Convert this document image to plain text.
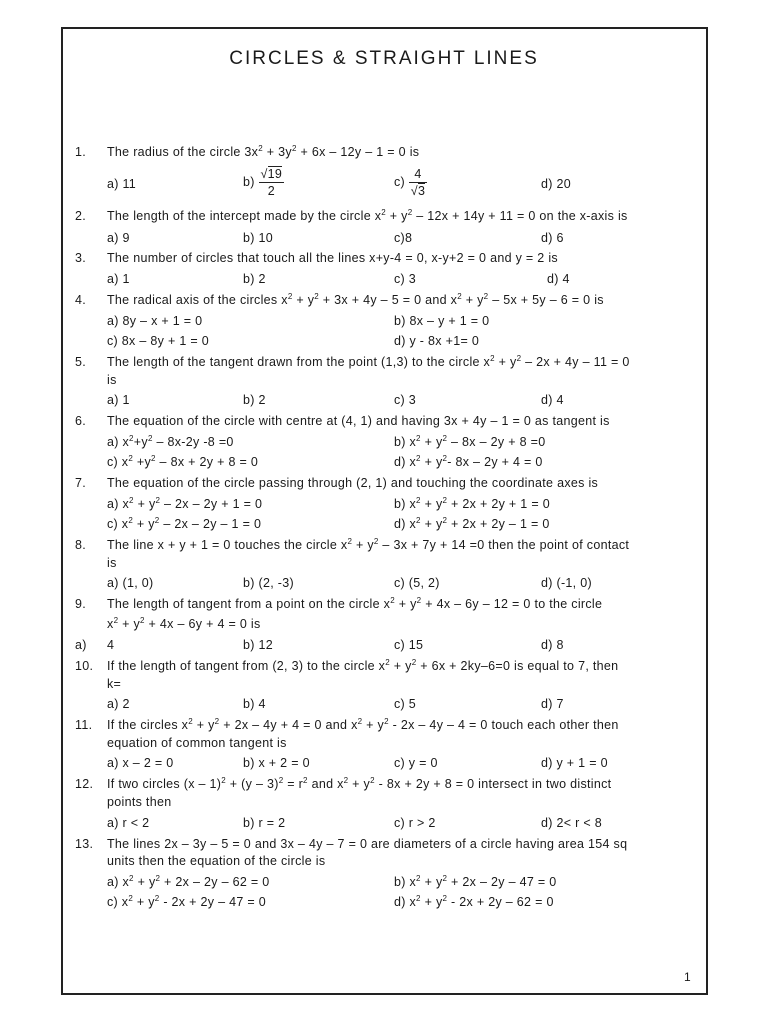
CIRCLES & STRAIGHT LINES
1. The radius of the circle $3x^2 + 3y^2 + 6x - 12y - 1 = 0$ is
a) 11	$b) \frac{√19}{2}$	$c) \frac{4}{√3}$	d) 20
2. The length of the intercept made by the circle $x^2 + y^2 - 12x + 14y + 11 = 0$ on the x-axis is
a) 9	b) 10	c)8	d) 6
3. The number of circles that touch all the lines x+y-4 = 0, x-y+2 = 0 and y = 2 is
a) 1	b) 2	c) 3	d) 4
4. The radical axis of the circles $x^2 + y^2 + 3x + 4y - 5 = 0$ and $x^2 + y^2 - 5x + 5y - 6 = 0$ is
a) 8y – x + 1 = 0	b) 8x – y + 1 = 0
c) 8x – 8y + 1 = 0	d) y - 8x +1= 0
5. The length of the tangent drawn from the point (1,3) to the circle $x^2 + y^2 - 2x + 4y - 11 = 0$
is
a) 1	b) 2	c) 3	d) 4
6. The equation of the circle with centre at (4, 1) and having 3x + 4y – 1 = 0 as tangent is
a) $x^2+y^2 - 8x-2y$ -8 =0	b) $x^2 + y^2 - 8x - 2y + 8 =0$
c) $x^2 +y^2 - 8x + 2y + 8 = 0$	d) $x^2 + y^2-$ 8x – 2y + 4 = 0
7. The equation of the circle passing through (2, 1) and touching the coordinate axes is
a) $x^2 + y^2 - 2x - 2y + 1 = 0$	b) $x^2 + y^2 + 2x + 2y + 1 = 0$
c) $x^2 + y^2 - 2x - 2y - 1 = 0$	d) $x^2 + y^2 + 2x + 2y - 1 = 0$
8. The line x + y + 1 = 0 touches the circle $x^2 + y^2 - 3x + 7y + 14 =0$ then the point of contact
is
a) (1, 0)	b) (2, -3)	c) (5, 2)	d) (-1, 0)
9. The length of tangent from a point on the circle $x^2 + y^2 + 4x - 6y - 12 = 0$ to the circle
$x^2 + y^2 + 4x - 6y + 4 = 0$ is
a) 4	b) 12	c) 15	d) 8
10. If the length of tangent from (2, 3) to the circle $x^2 + y^2 + 6x + 2ky-6=0$ is equal to 7, then
k=
a) 2	b) 4	c) 5	d) 7
11. If the circles $x^2 + y^2 + 2x - 4y + 4 = 0$ and $x^2 + y^2 - 2x - 4y - 4 = 0$ touch each other then
equation of common tangent is
a) x – 2 = 0	b) x + 2 = 0	c) y = 0	d) y + 1 = 0
12. If two circles $(x - 1)^2 + (y - 3)^2 = r^2$ and $x^2 + y^2 - 8x + 2y + 8 = 0$ intersect in two distinct
points then
a) r < 2	b) r = 2	c) r > 2	d) 2< r < 8
13. The lines 2x – 3y – 5 = 0 and 3x – 4y – 7 = 0 are diameters of a circle having area 154 sq
units then the equation of the circle is
a) $x^2 + y^2 + 2x - 2y - 62 = 0$	b) $x^2 + y^2 + 2x - 2y - 47 = 0$
c) $x^2 + y^2 - 2x + 2y - 47 = 0$	d) $x^2 + y^2 - 2x + 2y - 62 = 0$
1
